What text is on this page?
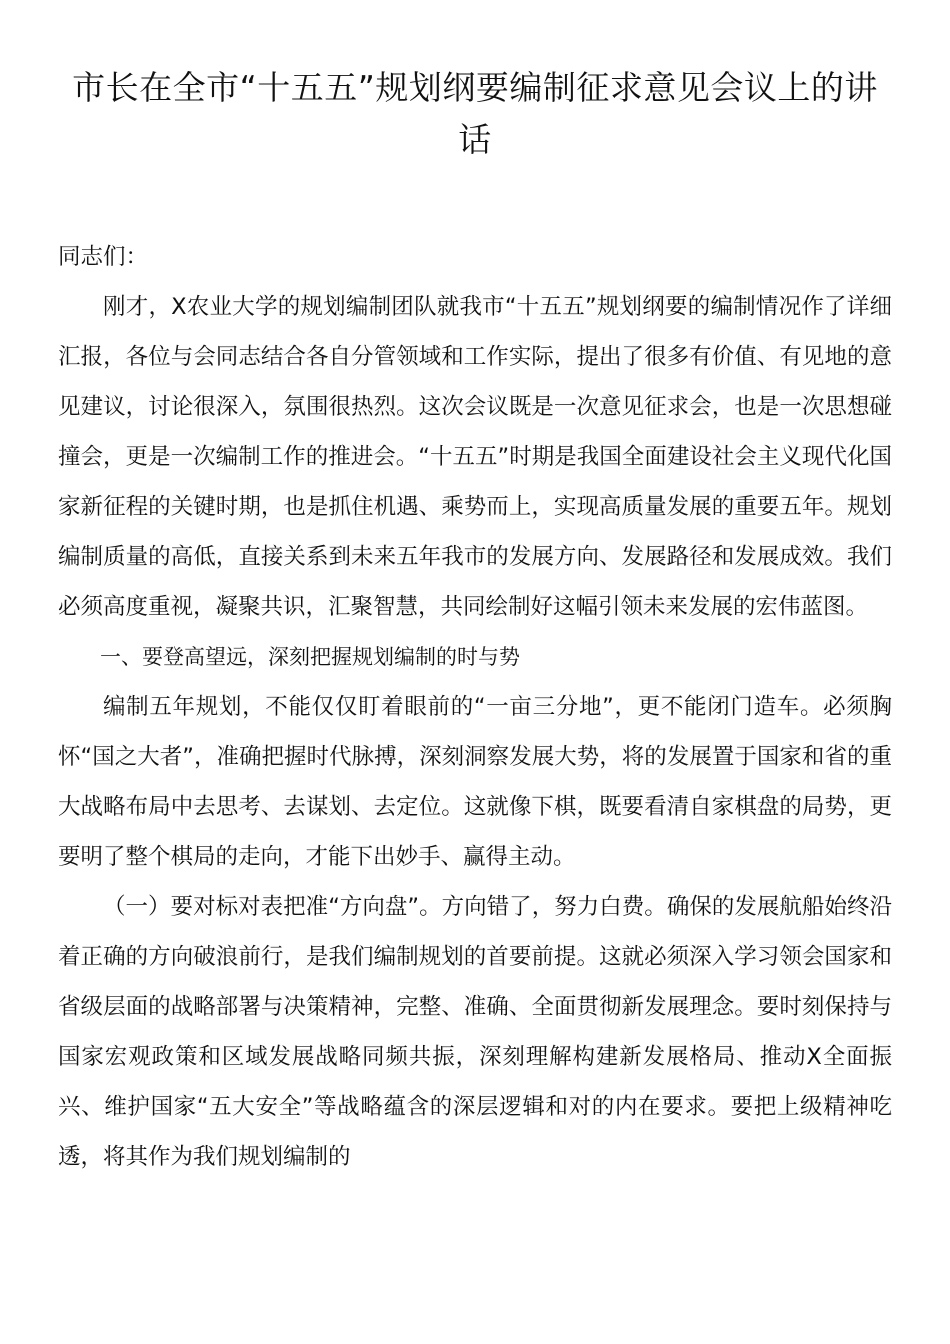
市长在全市“十五五”规划纲要编制征求意见会议上的讲话

同志们：

刚才，X农业大学的规划编制团队就我市“十五五”规划纲要的编制情况作了详细汇报，各位与会同志结合各自分管领域和工作实际，提出了很多有价值、有见地的意见建议，讨论很深入，氛围很热烈。这次会议既是一次意见征求会，也是一次思想碰撞会，更是一次编制工作的推进会。“十五五”时期是我国全面建设社会主义现代化国家新征程的关键时期，也是抓住机遇、乘势而上，实现高质量发展的重要五年。规划编制质量的高低，直接关系到未来五年我市的发展方向、发展路径和发展成效。我们必须高度重视，凝聚共识，汇聚智慧，共同绘制好这幅引领未来发展的宏伟蓝图。

一、要登高望远，深刻把握规划编制的时与势

编制五年规划，不能仅仅盯着眼前的“一亩三分地”，更不能闭门造车。必须胸怀“国之大者”，准确把握时代脉搏，深刻洞察发展大势，将的发展置于国家和省的重大战略布局中去思考、去谋划、去定位。这就像下棋，既要看清自家棋盘的局势，更要明了整个棋局的走向，才能下出妙手、赢得主动。

（一）要对标对表把准“方向盘”。方向错了，努力白费。确保的发展航船始终沿着正确的方向破浪前行，是我们编制规划的首要前提。这就必须深入学习领会国家和省级层面的战略部署与决策精神，完整、准确、全面贯彻新发展理念。要时刻保持与国家宏观政策和区域发展战略同频共振，深刻理解构建新发展格局、推动X全面振兴、维护国家“五大安全”等战略蕴含的深层逻辑和对的内在要求。要把上级精神吃透，将其作为我们规划编制的
